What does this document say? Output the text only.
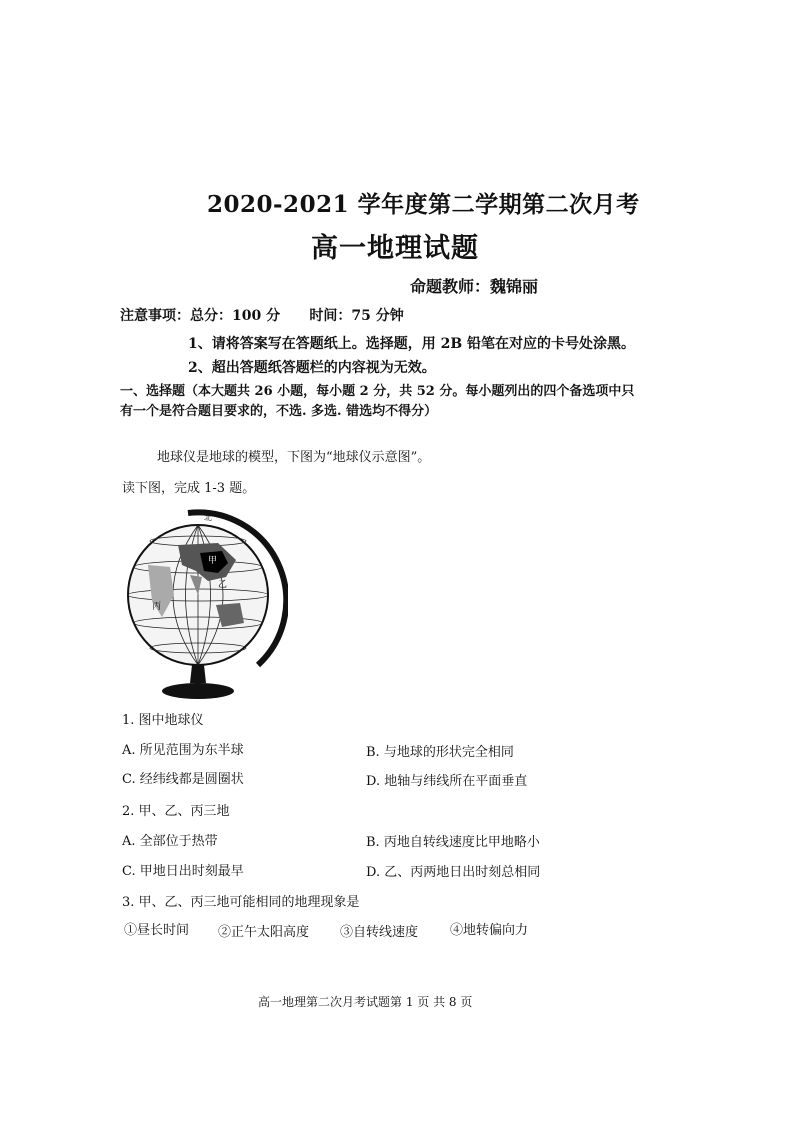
2020-2021 学年度第二学期第二次月考
高一地理试题
命题教师：魏锦丽
注意事项：总分：100 分      时间：75 分钟
1、请将答案写在答题纸上。选择题，用 2B 铅笔在对应的卡号处涂黑。
2、超出答题纸答题栏的内容视为无效。
一、选择题（本大题共 26 小题，每小题 2 分，共 52 分。每小题列出的四个备选项中只有一个是符合题目要求的，不选. 多选. 错选均不得分）
地球仪是地球的模型，下图为“地球仪示意图”。
读下图，完成 1-3 题。
北
甲
乙
丙
1. 图中地球仪
A. 所见范围为东半球	B. 与地球的形状完全相同
C. 经纬线都是圆圈状	D. 地轴与纬线所在平面垂直
2. 甲、乙、丙三地
A. 全部位于热带	B. 丙地自转线速度比甲地略小
C. 甲地日出时刻最早	D. 乙、丙两地日出时刻总相同
3. 甲、乙、丙三地可能相同的地理现象是
①昼长时间 ②正午太阳高度 ③自转线速度 ④地转偏向力
高一地理第二次月考试题第 1 页 共 8 页
